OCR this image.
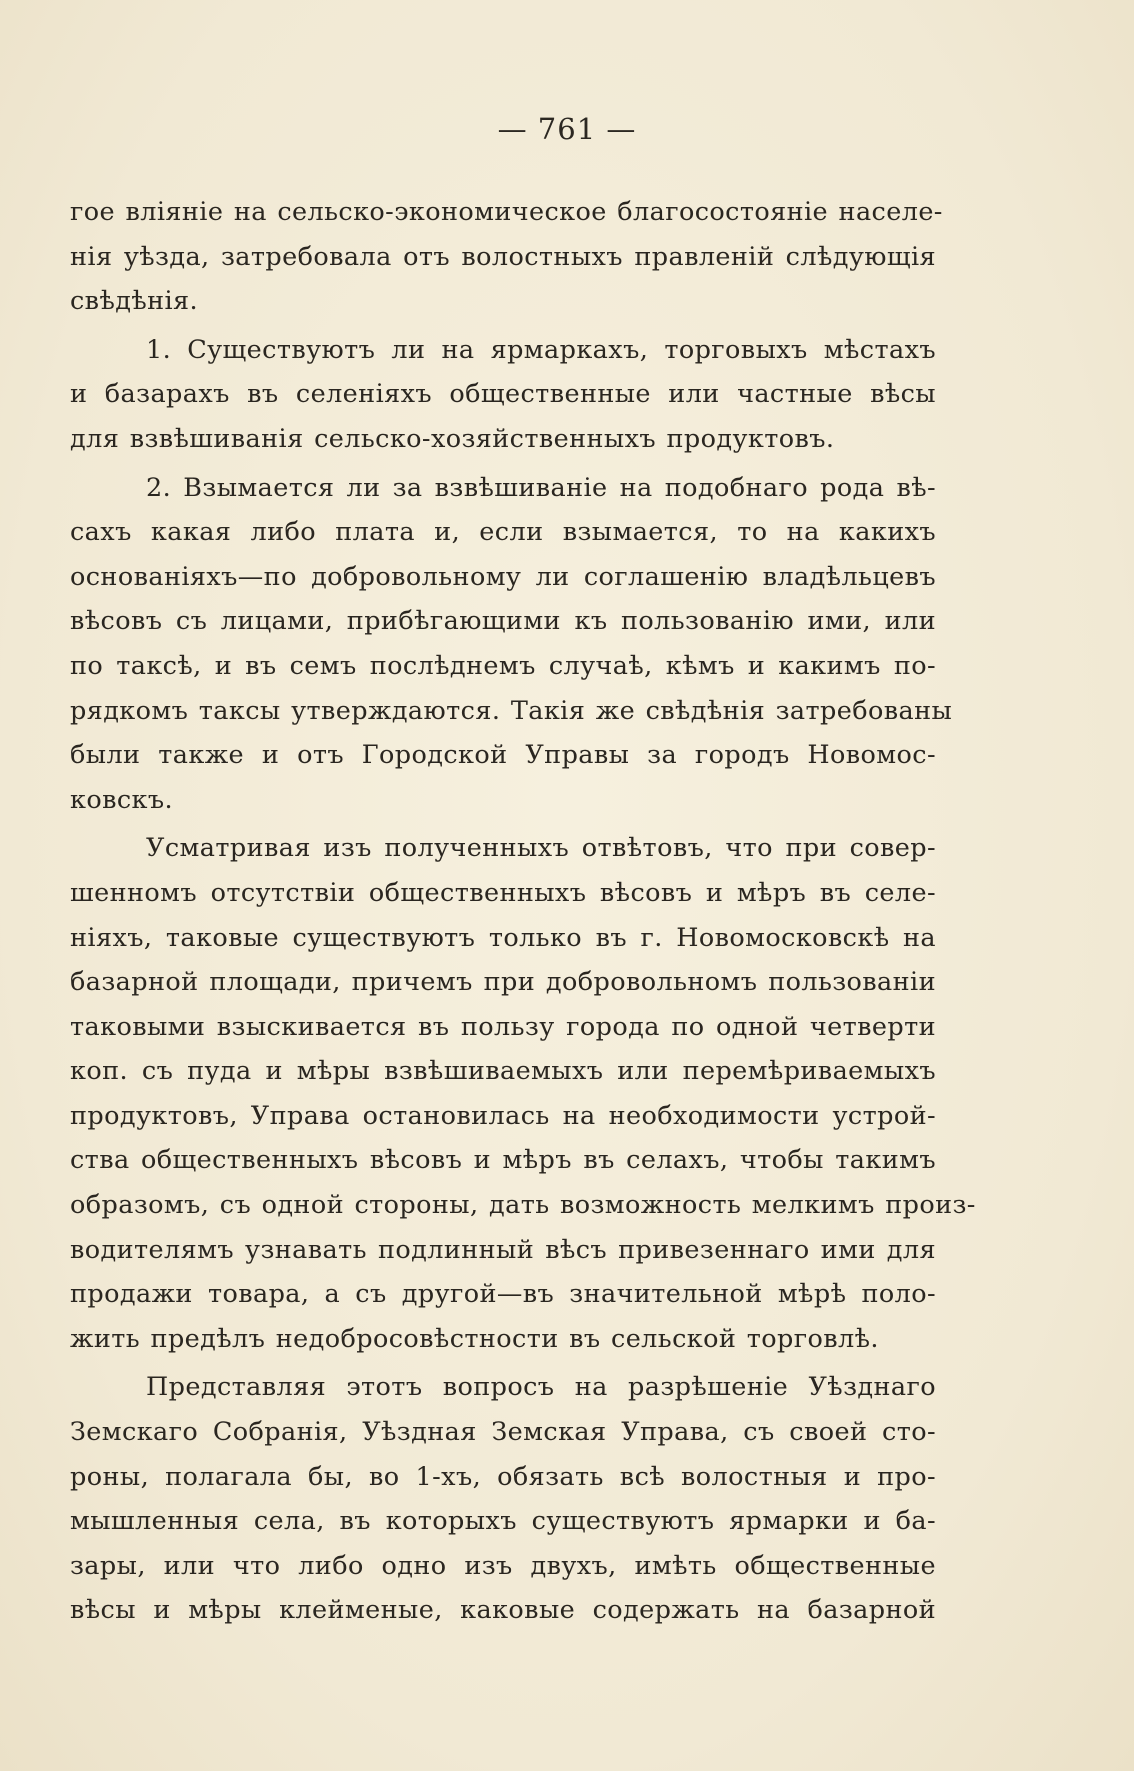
— 761 —
гое вліяніе на сельско-экономическое благосостояніе населе-
нія уѣзда, затребовала отъ волостныхъ правленій слѣдующія
свѣдѣнія.
1. Существуютъ ли на ярмаркахъ, торговыхъ мѣстахъ
и базарахъ въ селеніяхъ общественные или частные вѣсы
для взвѣшиванія сельско-хозяйственныхъ продуктовъ.
2. Взымается ли за взвѣшиваніе на подобнаго рода вѣ-
сахъ какая либо плата и, если взымается, то на какихъ
основаніяхъ—по добровольному ли соглашенію владѣльцевъ
вѣсовъ съ лицами, прибѣгающими къ пользованію ими, или
по таксѣ, и въ семъ послѣднемъ случаѣ, кѣмъ и какимъ по-
рядкомъ таксы утверждаются. Такія же свѣдѣнія затребованы
были также и отъ Городской Управы за городъ Новомос-
ковскъ.
Усматривая изъ полученныхъ отвѣтовъ, что при совер-
шенномъ отсутствіи общественныхъ вѣсовъ и мѣръ въ селе-
ніяхъ, таковые существуютъ только въ г. Новомосковскѣ на
базарной площади, причемъ при добровольномъ пользованіи
таковыми взыскивается въ пользу города по одной четверти
коп. съ пуда и мѣры взвѣшиваемыхъ или перемѣриваемыхъ
продуктовъ, Управа остановилась на необходимости устрой-
ства общественныхъ вѣсовъ и мѣръ въ селахъ, чтобы такимъ
образомъ, съ одной стороны, дать возможность мелкимъ произ-
водителямъ узнавать подлинный вѣсъ привезеннаго ими для
продажи товара, а съ другой—въ значительной мѣрѣ поло-
жить предѣлъ недобросовѣстности въ сельской торговлѣ.
Представляя этотъ вопросъ на разрѣшеніе Уѣзднаго
Земскаго Собранія, Уѣздная Земская Управа, съ своей сто-
роны, полагала бы, во 1-хъ, обязать всѣ волостныя и про-
мышленныя села, въ которыхъ существуютъ ярмарки и ба-
зары, или что либо одно изъ двухъ, имѣть общественные
вѣсы и мѣры клейменые, каковые содержать на базарной
